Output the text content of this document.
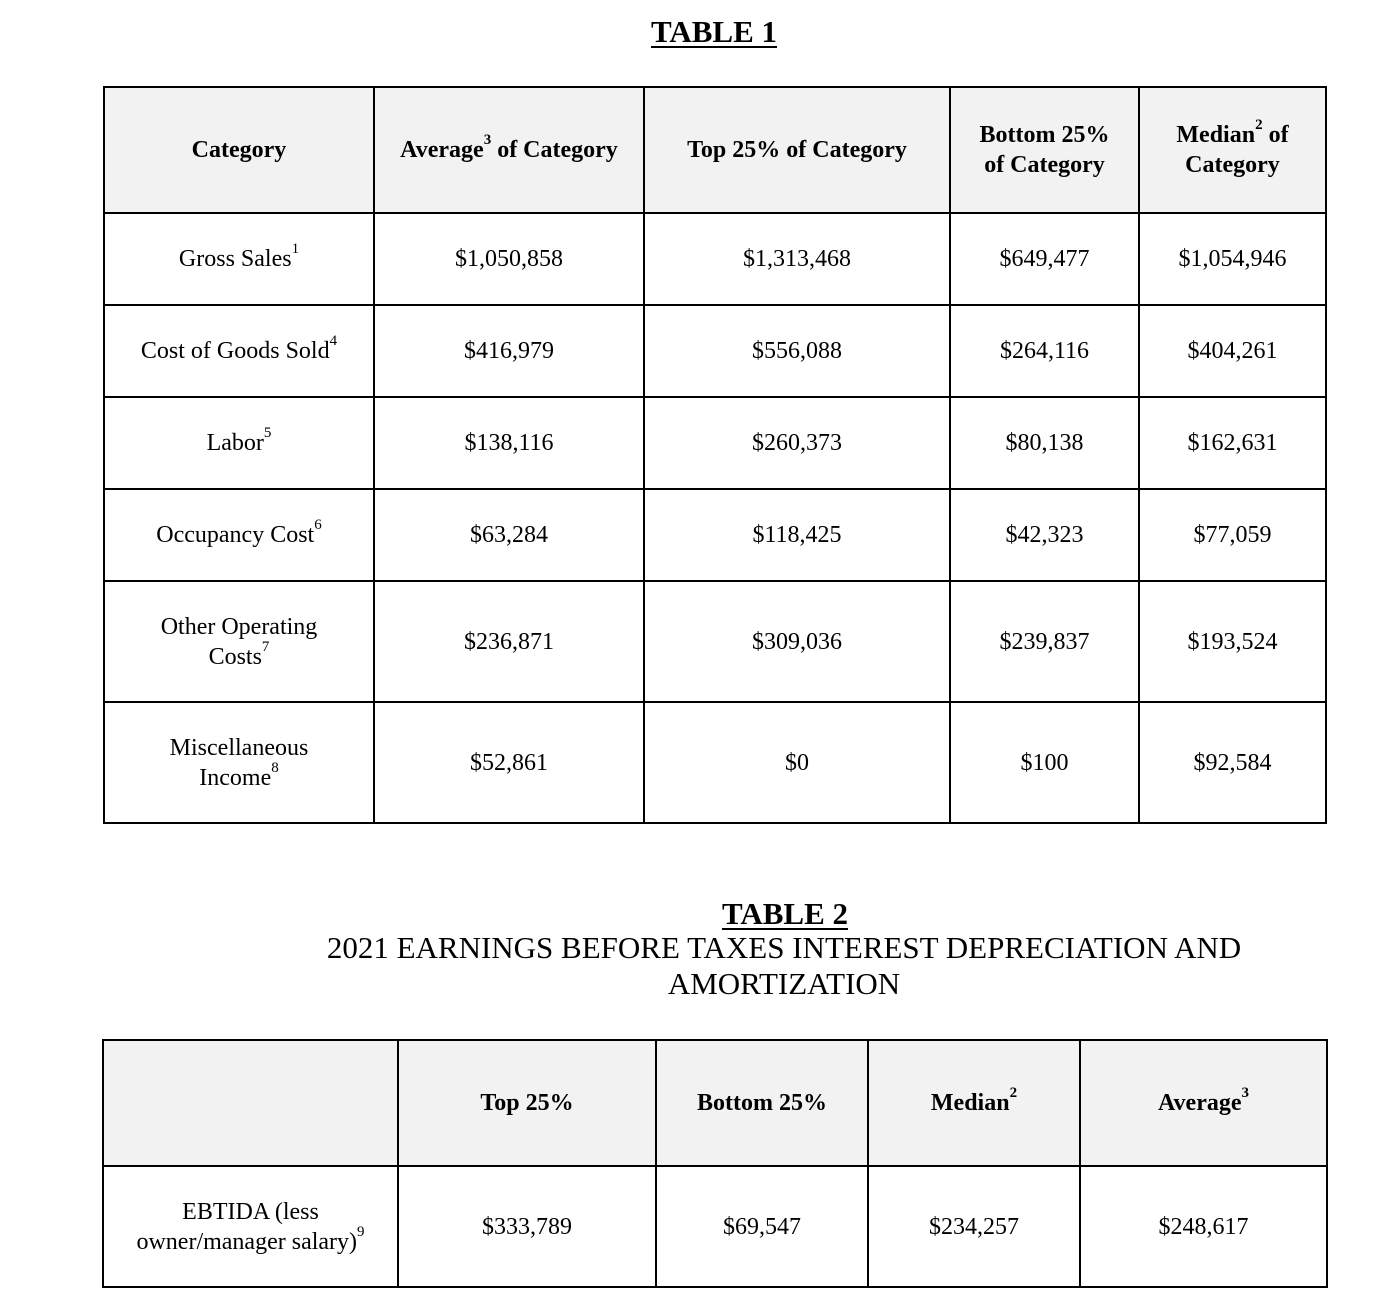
TABLE 1
Category	Average$^3$ of Category	Top 25% of Category	Bottom 25% of Category	Median$^2$ of Category
Gross Sales$^1$	$1,050,858	$1,313,468	$649,477	$1,054,946
Cost of Goods Sold$^4$	$416,979	$556,088	$264,116	$404,261
Labor$^5$	$138,116	$260,373	$80,138	$162,631
Occupancy Cost$^6$	$63,284	$118,425	$42,323	$77,059
Other Operating Costs$^7$	$236,871	$309,036	$239,837	$193,524
Miscellaneous Income$^8$	$52,861	$0	$100	$92,584
TABLE 2
2021 EARNINGS BEFORE TAXES INTEREST DEPRECIATION AND AMORTIZATION
	Top 25%	Bottom 25%	Median$^2$	Average$^3$
EBTIDA (less owner/manager salary)$^9$	$333,789	$69,547	$234,257	$248,617
